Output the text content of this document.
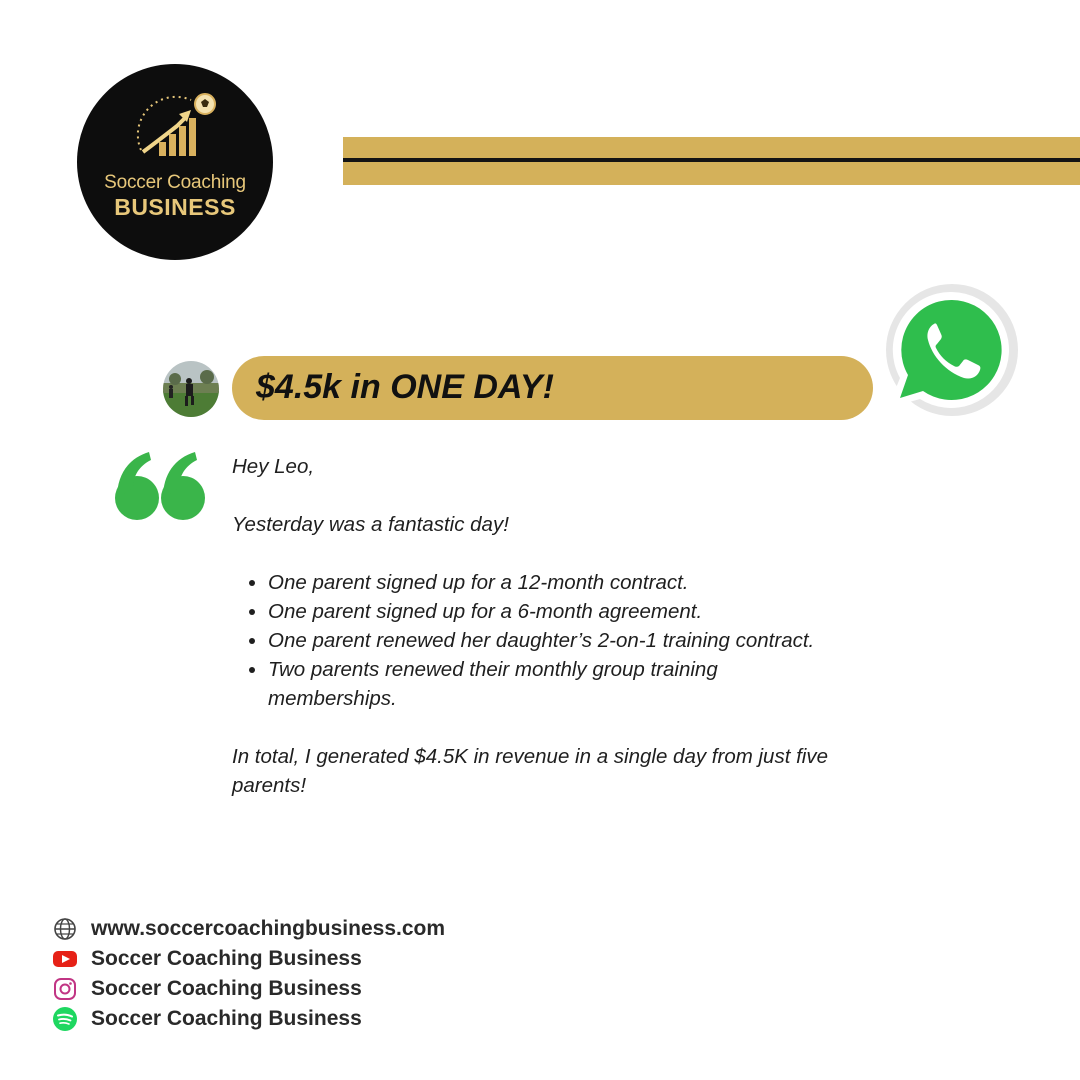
Soccer Coaching
BUSINESS
$4.5k in ONE DAY!

Hey Leo,

Yesterday was a fantastic day!

• One parent signed up for a 12-month contract.
• One parent signed up for a 6-month agreement.
• One parent renewed her daughter’s 2-on-1 training contract.
• Two parents renewed their monthly group training memberships.

In total, I generated $4.5K in revenue in a single day from just five parents!

www.soccercoachingbusiness.com
Soccer Coaching Business
Soccer Coaching Business
Soccer Coaching Business
